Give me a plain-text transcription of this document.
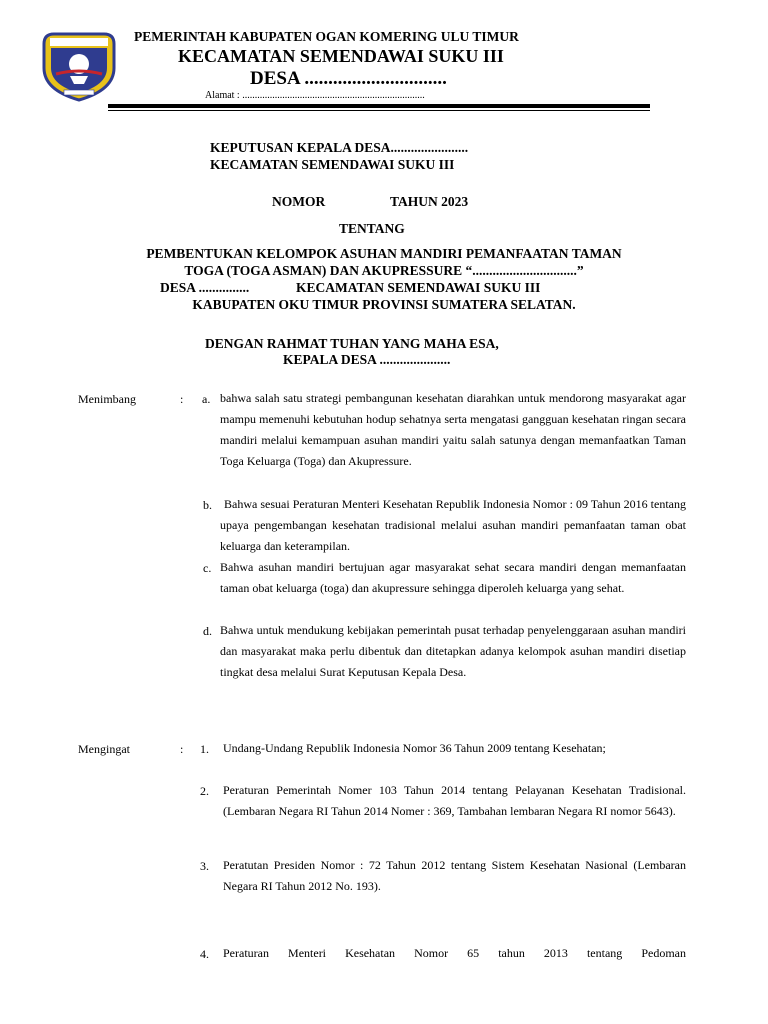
PEMERINTAH KABUPATEN OGAN KOMERING ULU TIMUR
KECAMATAN SEMENDAWAI SUKU III
DESA ..............................
Alamat : .........................................................................
KEPUTUSAN KEPALA DESA.......................
KECAMATAN SEMENDAWAI SUKU III
NOMOR	TAHUN 2023
TENTANG
PEMBENTUKAN KELOMPOK ASUHAN MANDIRI PEMANFAATAN TAMAN
TOGA (TOGA ASMAN) DAN AKUPRESSURE “...............................”
DESA ...............	KECAMATAN SEMENDAWAI SUKU III
KABUPATEN OKU TIMUR PROVINSI SUMATERA SELATAN.
DENGAN RAHMAT TUHAN YANG MAHA ESA,
KEPALA DESA .....................
Menimbang	: a. bahwa salah satu strategi pembangunan kesehatan diarahkan untuk mendorong masyarakat agar mampu memenuhi kebutuhan hodup sehatnya serta mengatasi gangguan kesehatan ringan secara mandiri melalui kemampuan asuhan mandiri yaitu salah satunya dengan memanfaatkan Taman Toga Keluarga (Toga) dan Akupressure.
b.	Bahwa sesuai Peraturan Menteri Kesehatan Republik Indonesia Nomor : 09 Tahun 2016 tentang upaya pengembangan kesehatan tradisional melalui asuhan mandiri pemanfaatan taman obat keluarga dan keterampilan.
c. Bahwa asuhan mandiri bertujuan agar masyarakat sehat secara mandiri dengan memanfaatan taman obat keluarga (toga) dan akupressure sehingga diperoleh keluarga yang sehat.
d. Bahwa untuk mendukung kebijakan pemerintah pusat terhadap penyelenggaraan asuhan mandiri dan masyarakat maka perlu dibentuk dan ditetapkan adanya kelompok asuhan mandiri disetiap tingkat desa melalui Surat Keputusan Kepala Desa.
Mengingat	: 1. Undang-Undang Republik Indonesia Nomor 36 Tahun 2009 tentang Kesehatan;
2. Peraturan Pemerintah Nomer 103 Tahun 2014 tentang Pelayanan Kesehatan Tradisional. (Lembaran Negara RI Tahun 2014 Nomer : 369, Tambahan lembaran Negara RI nomor 5643).
3. Peratutan Presiden Nomor : 72 Tahun 2012 tentang Sistem Kesehatan Nasional (Lembaran Negara RI Tahun 2012 No. 193).
4. Peraturan Menteri Kesehatan Nomor 65 tahun 2013 tentang Pedoman
